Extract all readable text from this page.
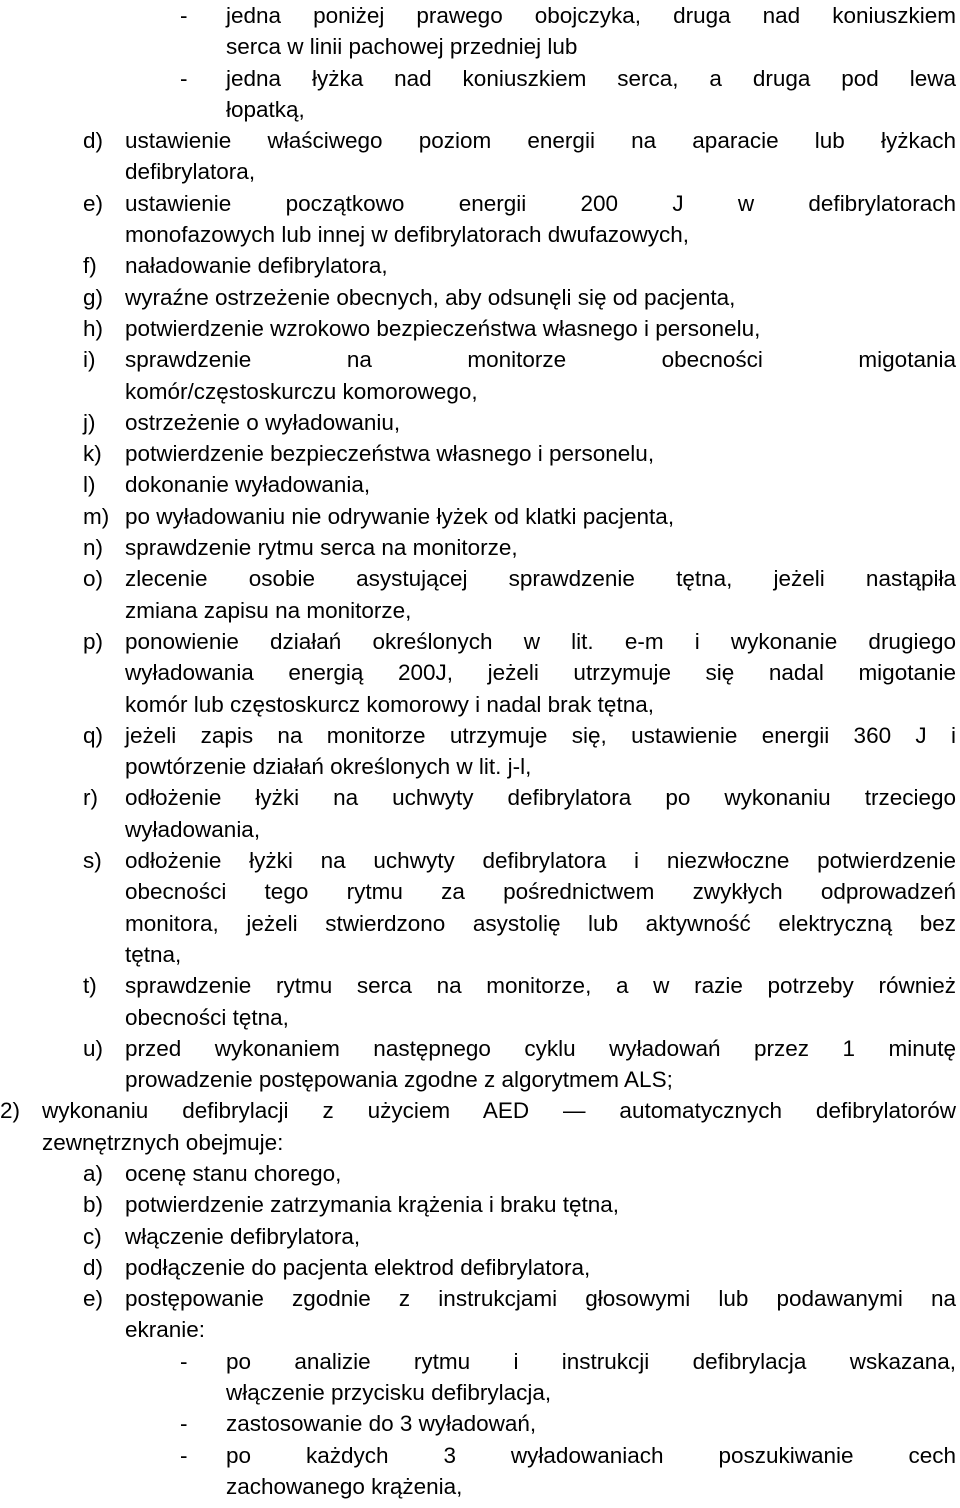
- jedna poniżej prawego obojczyka, druga nad koniuszkiem
serca w linii pachowej przedniej lub
- jedna łyżka nad koniuszkiem serca, a druga pod lewa
łopatką,
d) ustawienie właściwego poziom energii na aparacie lub łyżkach
defibrylatora,
e) ustawienie początkowo energii 200 J w defibrylatorach
monofazowych lub innej w defibrylatorach dwufazowych,
f) naładowanie defibrylatora,
g) wyraźne ostrzeżenie obecnych, aby odsunęli się od pacjenta,
h) potwierdzenie wzrokowo bezpieczeństwa własnego i personelu,
i) sprawdzenie na monitorze obecności migotania
komór/częstoskurczu komorowego,
j) ostrzeżenie o wyładowaniu,
k) potwierdzenie bezpieczeństwa własnego i personelu,
l) dokonanie wyładowania,
m) po wyładowaniu nie odrywanie łyżek od klatki pacjenta,
n) sprawdzenie rytmu serca na monitorze,
o) zlecenie osobie asystującej sprawdzenie tętna, jeżeli nastąpiła
zmiana zapisu na monitorze,
p) ponowienie działań określonych w lit. e-m i wykonanie drugiego
wyładowania energią 200J, jeżeli utrzymuje się nadal migotanie
komór lub częstoskurcz komorowy i nadal brak tętna,
q) jeżeli zapis na monitorze utrzymuje się, ustawienie energii 360 J i
powtórzenie działań określonych w lit. j-l,
r) odłożenie łyżki na uchwyty defibrylatora po wykonaniu trzeciego
wyładowania,
s) odłożenie łyżki na uchwyty defibrylatora i niezwłoczne potwierdzenie
obecności tego rytmu za pośrednictwem zwykłych odprowadzeń
monitora, jeżeli stwierdzono asystolię lub aktywność elektryczną bez
tętna,
t) sprawdzenie rytmu serca na monitorze, a w razie potrzeby również
obecności tętna,
u) przed wykonaniem następnego cyklu wyładowań przez 1 minutę
prowadzenie postępowania zgodne z algorytmem ALS;
2) wykonaniu defibrylacji z użyciem AED — automatycznych defibrylatorów
zewnętrznych obejmuje:
a) ocenę stanu chorego,
b) potwierdzenie zatrzymania krążenia i braku tętna,
c) włączenie defibrylatora,
d) podłączenie do pacjenta elektrod defibrylatora,
e) postępowanie zgodnie z instrukcjami głosowymi lub podawanymi na
ekranie:
- po analizie rytmu i instrukcji defibrylacja wskazana,
włączenie przycisku defibrylacja,
- zastosowanie do 3 wyładowań,
- po każdych 3 wyładowaniach poszukiwanie cech
zachowanego krążenia,
